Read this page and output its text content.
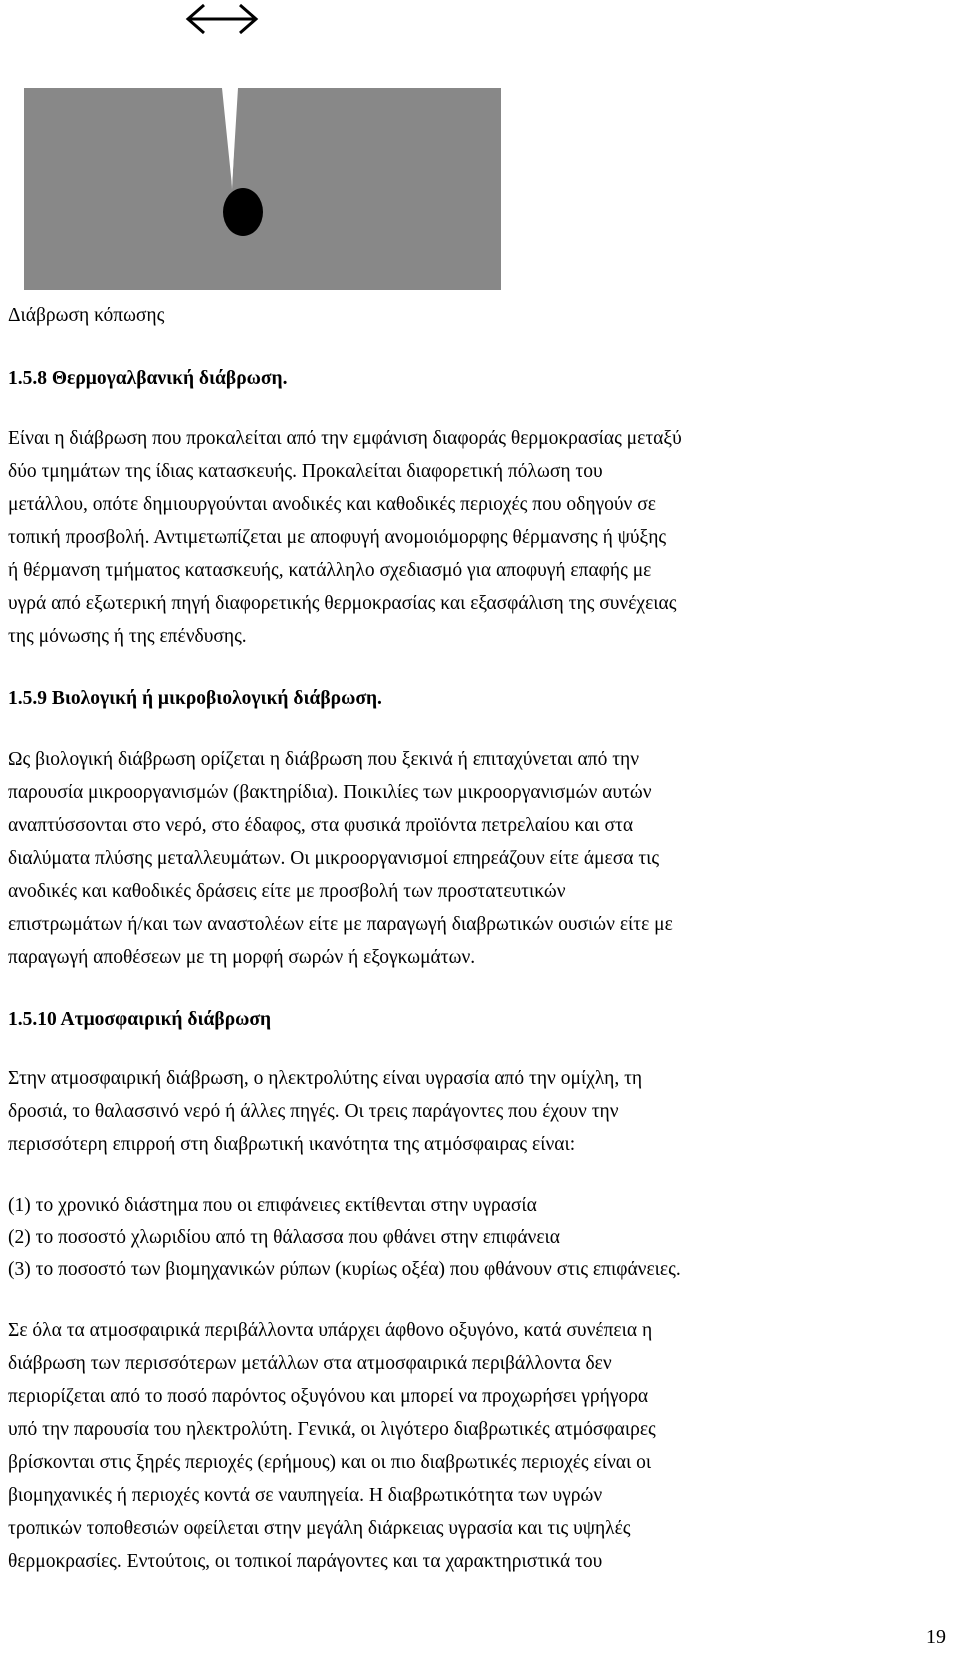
Διάβρωση κόπωσης

1.5.8 Θερμογαλβανική διάβρωση.

Είναι η διάβρωση που προκαλείται από την εμφάνιση διαφοράς θερμοκρασίας μεταξύ

δύο τμημάτων της ίδιας κατασκευής. Προκαλείται διαφορετική πόλωση του

μετάλλου, οπότε δημιουργούνται ανοδικές και καθοδικές περιοχές που οδηγούν σε

τοπική προσβολή. Αντιμετωπίζεται με αποφυγή ανομοιόμορφης θέρμανσης ή ψύξης

ή θέρμανση τμήματος κατασκευής, κατάλληλο σχεδιασμό για αποφυγή επαφής με

υγρά από εξωτερική πηγή διαφορετικής θερμοκρασίας και εξασφάλιση της συνέχειας

της μόνωσης ή της επένδυσης.

1.5.9 Βιολογική ή μικροβιολογική διάβρωση.

Ως βιολογική διάβρωση ορίζεται η διάβρωση που ξεκινά ή επιταχύνεται από την

παρουσία μικροοργανισμών (βακτηρίδια). Ποικιλίες των μικροοργανισμών αυτών

αναπτύσσονται στο νερό, στο έδαφος, στα φυσικά προϊόντα πετρελαίου και στα

διαλύματα πλύσης μεταλλευμάτων. Οι μικροοργανισμοί επηρεάζουν είτε άμεσα τις

ανοδικές και καθοδικές δράσεις είτε με προσβολή των προστατευτικών

επιστρωμάτων ή/και των αναστολέων είτε με παραγωγή διαβρωτικών ουσιών είτε με

παραγωγή αποθέσεων με τη μορφή σωρών ή εξογκωμάτων.

1.5.10 Ατμοσφαιρική διάβρωση

Στην ατμοσφαιρική διάβρωση, ο ηλεκτρολύτης είναι υγρασία από την ομίχλη, τη

δροσιά, το θαλασσινό νερό ή άλλες πηγές. Οι τρεις παράγοντες που έχουν την

περισσότερη επιρροή στη διαβρωτική ικανότητα της ατμόσφαιρας είναι:

(1) το χρονικό διάστημα που οι επιφάνειες εκτίθενται στην υγρασία

(2) το ποσοστό χλωριδίου από τη θάλασσα που φθάνει στην επιφάνεια

(3) το ποσοστό των βιομηχανικών ρύπων (κυρίως οξέα) που φθάνουν στις επιφάνειες.

Σε όλα τα ατμοσφαιρικά περιβάλλοντα υπάρχει άφθονο οξυγόνο, κατά συνέπεια η

διάβρωση των περισσότερων μετάλλων στα ατμοσφαιρικά περιβάλλοντα δεν

περιορίζεται από το ποσό παρόντος οξυγόνου και μπορεί να προχωρήσει γρήγορα

υπό την παρουσία του ηλεκτρολύτη. Γενικά, οι λιγότερο διαβρωτικές ατμόσφαιρες

βρίσκονται στις ξηρές περιοχές (ερήμους) και οι πιο διαβρωτικές περιοχές είναι οι

βιομηχανικές ή περιοχές κοντά σε ναυπηγεία. Η διαβρωτικότητα των υγρών

τροπικών τοποθεσιών οφείλεται στην μεγάλη διάρκειας υγρασία και τις υψηλές

θερμοκρασίες. Εντούτοις, οι τοπικοί παράγοντες και τα χαρακτηριστικά του

19
